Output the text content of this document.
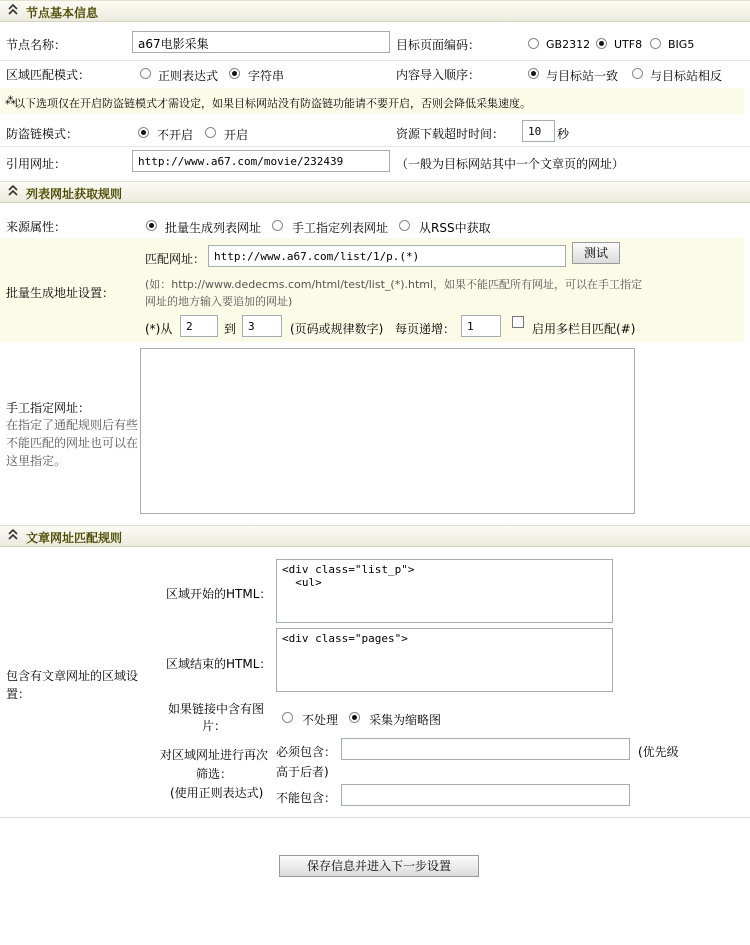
节点基本信息
节点名称：	a67电影采集	目标页面编码：	GB2312 UTF8 BIG5
区域匹配模式：	正则表达式 字符串	内容导入顺序：	与目标站一致	与目标站相反
⁂
以下选项仅在开启防盗链模式才需设定，如果目标网站没有防盗链功能请不要开启，否则会降低采集速度。
防盗链模式：	不开启	开启	资源下载超时时间：	10	秒
引用网址：	http://www.a67.com/movie/232439	（一般为目标网站其中一个文章页的网址）
列表网址获取规则
来源属性：	批量生成列表网址	手工指定列表网址	从RSS中获取
批量生成地址设置：
匹配网址： http://www.a67.com/list/1/p.(*)	测试
(如：http://www.dedecms.com/html/test/list_(*).html，如果不能匹配所有网址，可以在手工指定
网址的地方输入要追加的网址)
(*)从	2	到	3	(页码或规律数字) 每页递增：	1	启用多栏目匹配(#)
手工指定网址：
在指定了通配规则后有些
不能匹配的网址也可以在
这里指定。
文章网址匹配规则
包含有文章网址的区域设
置：
区域开始的HTML：
<div class="list_p">
<ul>
区域结束的HTML：
<div class="pages">
如果链接中含有图
片：	不处理	采集为缩略图
对区域网址进行再次
筛选：
(使用正则表达式)
必须包含：	(优先级
高于后者)
不能包含：
保存信息并进入下一步设置
